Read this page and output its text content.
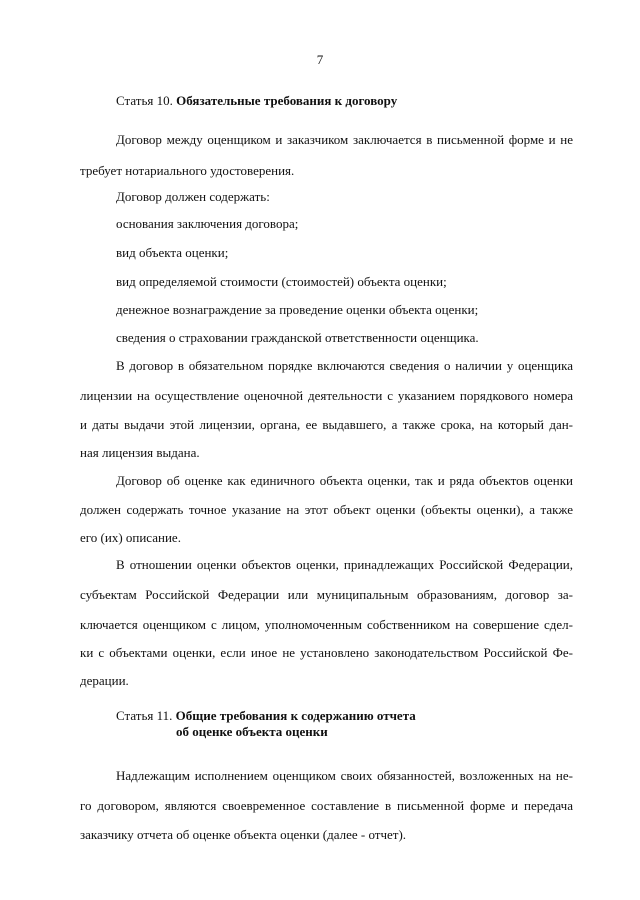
7
Статья 10. Обязательные требования к договору
Договор между оценщиком и заказчиком заключается в письменной форме и не
требует нотариального удостоверения.
Договор должен содержать:
основания заключения договора;
вид объекта оценки;
вид определяемой стоимости (стоимостей) объекта оценки;
денежное вознаграждение за проведение оценки объекта оценки;
сведения о страховании гражданской ответственности оценщика.
В договор в обязательном порядке включаются сведения о наличии у оценщика
лицензии на осуществление оценочной деятельности с указанием порядкового номера
и даты выдачи этой лицензии, органа, ее выдавшего, а также срока, на который дан-
ная лицензия выдана.
Договор об оценке как единичного объекта оценки, так и ряда объектов оценки
должен содержать точное указание на этот объект оценки (объекты оценки), а также
его (их) описание.
В отношении оценки объектов оценки, принадлежащих Российской Федерации,
субъектам Российской Федерации или муниципальным образованиям, договор за-
ключается оценщиком с лицом, уполномоченным собственником на совершение сдел-
ки с объектами оценки, если иное не установлено законодательством Российской Фе-
дерации.
Статья 11. Общие требования к содержанию отчета
об оценке объекта оценки
Надлежащим исполнением оценщиком своих обязанностей, возложенных на не-
го договором, являются своевременное составление в письменной форме и передача
заказчику отчета об оценке объекта оценки (далее - отчет).
